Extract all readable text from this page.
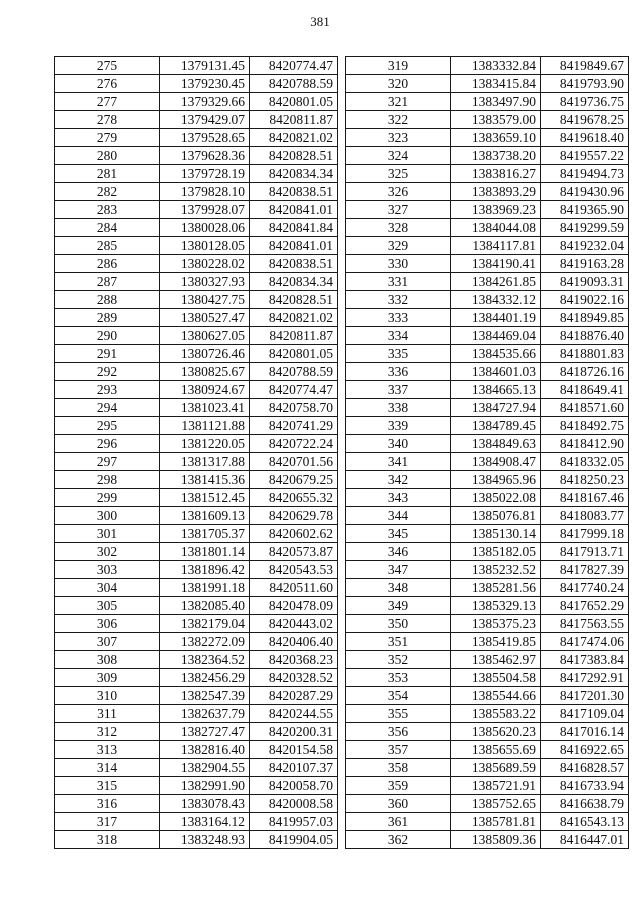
381
275	1379131.45	8420774.47
276	1379230.45	8420788.59
277	1379329.66	8420801.05
278	1379429.07	8420811.87
279	1379528.65	8420821.02
280	1379628.36	8420828.51
281	1379728.19	8420834.34
282	1379828.10	8420838.51
283	1379928.07	8420841.01
284	1380028.06	8420841.84
285	1380128.05	8420841.01
286	1380228.02	8420838.51
287	1380327.93	8420834.34
288	1380427.75	8420828.51
289	1380527.47	8420821.02
290	1380627.05	8420811.87
291	1380726.46	8420801.05
292	1380825.67	8420788.59
293	1380924.67	8420774.47
294	1381023.41	8420758.70
295	1381121.88	8420741.29
296	1381220.05	8420722.24
297	1381317.88	8420701.56
298	1381415.36	8420679.25
299	1381512.45	8420655.32
300	1381609.13	8420629.78
301	1381705.37	8420602.62
302	1381801.14	8420573.87
303	1381896.42	8420543.53
304	1381991.18	8420511.60
305	1382085.40	8420478.09
306	1382179.04	8420443.02
307	1382272.09	8420406.40
308	1382364.52	8420368.23
309	1382456.29	8420328.52
310	1382547.39	8420287.29
311	1382637.79	8420244.55
312	1382727.47	8420200.31
313	1382816.40	8420154.58
314	1382904.55	8420107.37
315	1382991.90	8420058.70
316	1383078.43	8420008.58
317	1383164.12	8419957.03
318	1383248.93	8419904.05
319	1383332.84	8419849.67
320	1383415.84	8419793.90
321	1383497.90	8419736.75
322	1383579.00	8419678.25
323	1383659.10	8419618.40
324	1383738.20	8419557.22
325	1383816.27	8419494.73
326	1383893.29	8419430.96
327	1383969.23	8419365.90
328	1384044.08	8419299.59
329	1384117.81	8419232.04
330	1384190.41	8419163.28
331	1384261.85	8419093.31
332	1384332.12	8419022.16
333	1384401.19	8418949.85
334	1384469.04	8418876.40
335	1384535.66	8418801.83
336	1384601.03	8418726.16
337	1384665.13	8418649.41
338	1384727.94	8418571.60
339	1384789.45	8418492.75
340	1384849.63	8418412.90
341	1384908.47	8418332.05
342	1384965.96	8418250.23
343	1385022.08	8418167.46
344	1385076.81	8418083.77
345	1385130.14	8417999.18
346	1385182.05	8417913.71
347	1385232.52	8417827.39
348	1385281.56	8417740.24
349	1385329.13	8417652.29
350	1385375.23	8417563.55
351	1385419.85	8417474.06
352	1385462.97	8417383.84
353	1385504.58	8417292.91
354	1385544.66	8417201.30
355	1385583.22	8417109.04
356	1385620.23	8417016.14
357	1385655.69	8416922.65
358	1385689.59	8416828.57
359	1385721.91	8416733.94
360	1385752.65	8416638.79
361	1385781.81	8416543.13
362	1385809.36	8416447.01
